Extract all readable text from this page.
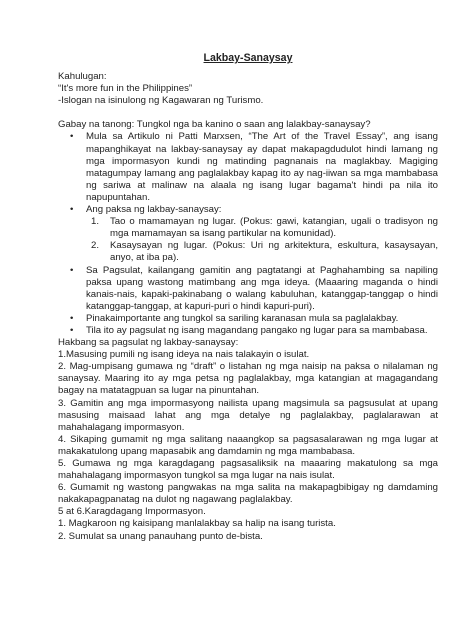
Lakbay-Sanaysay

Kahulugan:

“It's more fun in the Philippines”

-Islogan na isinulong ng Kagawaran ng Turismo.

Gabay na tanong: Tungkol nga ba kanino o saan ang lalakbay-sanaysay?

• Mula sa Artikulo ni Patti Marxsen, “The Art of the Travel Essay”, ang isang mapanghikayat na lakbay-sanaysay ay dapat makapagdudulot hindi lamang ng mga impormasyon kundi ng matinding pagnanais na maglakbay. Magiging matagumpay lamang ang paglalakbay kapag ito ay nag-iiwan sa mga mambabasa ng sariwa at malinaw na alaala ng isang lugar bagama't hindi pa nila ito napupuntahan.
• Ang paksa ng lakbay-sanaysay:
1. Tao o mamamayan ng lugar. (Pokus: gawi, katangian, ugali o tradisyon ng mga mamamayan sa isang partikular na komunidad).
2. Kasaysayan ng lugar. (Pokus: Uri ng arkitektura, eskultura, kasaysayan, anyo, at iba pa).
• Sa Pagsulat, kailangang gamitin ang pagtatangi at Paghahambing sa napiling paksa upang wastong matimbang ang mga ideya. (Maaaring maganda o hindi kanais-nais, kapaki-pakinabang o walang kabuluhan, katanggap-tanggap o hindi katanggap-tanggap, at kapuri-puri o hindi kapuri-puri).
• Pinakaimportante ang tungkol sa sariling karanasan mula sa paglalakbay.
• Tila ito ay pagsulat ng isang magandang pangako ng lugar para sa mambabasa.

Hakbang sa pagsulat ng lakbay-sanaysay:

1.Masusing pumili ng isang ideya na nais talakayin o isulat.

2. Mag-umpisang gumawa ng “draft” o listahan ng mga naisip na paksa o nilalaman ng sanaysay. Maaring ito ay mga petsa ng paglalakbay, mga katangian at magagandang bagay na matatagpuan sa lugar na pinuntahan.

3. Gamitin ang mga impormasyong nailista upang magsimula sa pagsusulat at upang masusing maisaad lahat ang mga detalye ng paglalakbay, paglalarawan at mahahalagang impormasyon.

4. Sikaping gumamit ng mga salitang naaangkop sa pagsasalarawan ng mga lugar at makakatulong upang mapasabik ang damdamin ng mga mambabasa.

5. Gumawa ng mga karagdagang pagsasaliksik na maaaring makatulong sa mga mahahalagang impormasyon tungkol sa mga lugar na nais isulat.

6. Gumamit ng wastong pangwakas na mga salita na makapagbibigay ng damdaming nakakapagpanatag na dulot ng nagawang paglalakbay.

5 at 6.Karagdagang Impormasyon.

1. Magkaroon ng kaisipang manlalakbay sa halip na isang turista.

2. Sumulat sa unang panauhang punto de-bista.
